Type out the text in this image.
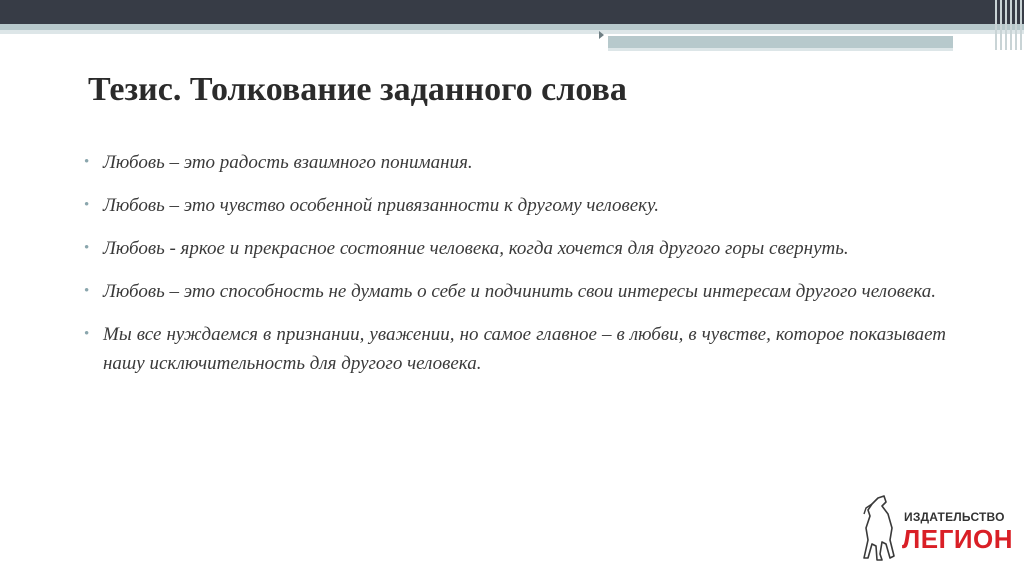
Тезис. Толкование заданного слова
• Любовь – это радость взаимного понимания.
• Любовь – это чувство особенной привязанности к другому человеку.
• Любовь - яркое и прекрасное состояние человека, когда хочется для другого горы свернуть.
• Любовь – это способность не думать о себе и подчинить свои интересы интересам другого человека.
• Мы все нуждаемся в признании, уважении, но самое главное – в любви, в чувстве, которое показывает нашу исключительность для другого человека.
ИЗДАТЕЛЬСТВО
ЛЕГИОН
